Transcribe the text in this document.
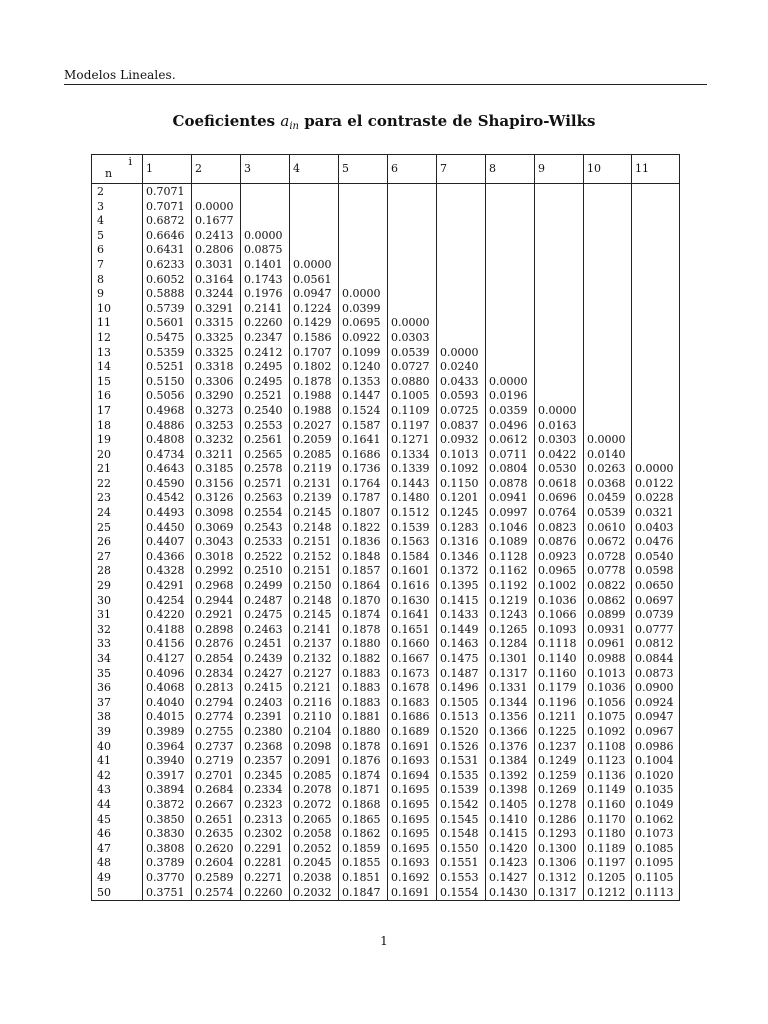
Modelos Lineales.
Coeficientes $a_{in}$ para el contraste de Shapiro-Wilks
i
n	1	2	3	4	5	6	7	8	9	10	11
2	0.7071										
3	0.7071	0.0000									
4	0.6872	0.1677									
5	0.6646	0.2413	0.0000								
6	0.6431	0.2806	0.0875								
7	0.6233	0.3031	0.1401	0.0000							
8	0.6052	0.3164	0.1743	0.0561							
9	0.5888	0.3244	0.1976	0.0947	0.0000						
10	0.5739	0.3291	0.2141	0.1224	0.0399						
11	0.5601	0.3315	0.2260	0.1429	0.0695	0.0000					
12	0.5475	0.3325	0.2347	0.1586	0.0922	0.0303					
13	0.5359	0.3325	0.2412	0.1707	0.1099	0.0539	0.0000				
14	0.5251	0.3318	0.2495	0.1802	0.1240	0.0727	0.0240				
15	0.5150	0.3306	0.2495	0.1878	0.1353	0.0880	0.0433	0.0000			
16	0.5056	0.3290	0.2521	0.1988	0.1447	0.1005	0.0593	0.0196			
17	0.4968	0.3273	0.2540	0.1988	0.1524	0.1109	0.0725	0.0359	0.0000		
18	0.4886	0.3253	0.2553	0.2027	0.1587	0.1197	0.0837	0.0496	0.0163		
19	0.4808	0.3232	0.2561	0.2059	0.1641	0.1271	0.0932	0.0612	0.0303	0.0000	
20	0.4734	0.3211	0.2565	0.2085	0.1686	0.1334	0.1013	0.0711	0.0422	0.0140	
21	0.4643	0.3185	0.2578	0.2119	0.1736	0.1339	0.1092	0.0804	0.0530	0.0263	0.0000
22	0.4590	0.3156	0.2571	0.2131	0.1764	0.1443	0.1150	0.0878	0.0618	0.0368	0.0122
23	0.4542	0.3126	0.2563	0.2139	0.1787	0.1480	0.1201	0.0941	0.0696	0.0459	0.0228
24	0.4493	0.3098	0.2554	0.2145	0.1807	0.1512	0.1245	0.0997	0.0764	0.0539	0.0321
25	0.4450	0.3069	0.2543	0.2148	0.1822	0.1539	0.1283	0.1046	0.0823	0.0610	0.0403
26	0.4407	0.3043	0.2533	0.2151	0.1836	0.1563	0.1316	0.1089	0.0876	0.0672	0.0476
27	0.4366	0.3018	0.2522	0.2152	0.1848	0.1584	0.1346	0.1128	0.0923	0.0728	0.0540
28	0.4328	0.2992	0.2510	0.2151	0.1857	0.1601	0.1372	0.1162	0.0965	0.0778	0.0598
29	0.4291	0.2968	0.2499	0.2150	0.1864	0.1616	0.1395	0.1192	0.1002	0.0822	0.0650
30	0.4254	0.2944	0.2487	0.2148	0.1870	0.1630	0.1415	0.1219	0.1036	0.0862	0.0697
31	0.4220	0.2921	0.2475	0.2145	0.1874	0.1641	0.1433	0.1243	0.1066	0.0899	0.0739
32	0.4188	0.2898	0.2463	0.2141	0.1878	0.1651	0.1449	0.1265	0.1093	0.0931	0.0777
33	0.4156	0.2876	0.2451	0.2137	0.1880	0.1660	0.1463	0.1284	0.1118	0.0961	0.0812
34	0.4127	0.2854	0.2439	0.2132	0.1882	0.1667	0.1475	0.1301	0.1140	0.0988	0.0844
35	0.4096	0.2834	0.2427	0.2127	0.1883	0.1673	0.1487	0.1317	0.1160	0.1013	0.0873
36	0.4068	0.2813	0.2415	0.2121	0.1883	0.1678	0.1496	0.1331	0.1179	0.1036	0.0900
37	0.4040	0.2794	0.2403	0.2116	0.1883	0.1683	0.1505	0.1344	0.1196	0.1056	0.0924
38	0.4015	0.2774	0.2391	0.2110	0.1881	0.1686	0.1513	0.1356	0.1211	0.1075	0.0947
39	0.3989	0.2755	0.2380	0.2104	0.1880	0.1689	0.1520	0.1366	0.1225	0.1092	0.0967
40	0.3964	0.2737	0.2368	0.2098	0.1878	0.1691	0.1526	0.1376	0.1237	0.1108	0.0986
41	0.3940	0.2719	0.2357	0.2091	0.1876	0.1693	0.1531	0.1384	0.1249	0.1123	0.1004
42	0.3917	0.2701	0.2345	0.2085	0.1874	0.1694	0.1535	0.1392	0.1259	0.1136	0.1020
43	0.3894	0.2684	0.2334	0.2078	0.1871	0.1695	0.1539	0.1398	0.1269	0.1149	0.1035
44	0.3872	0.2667	0.2323	0.2072	0.1868	0.1695	0.1542	0.1405	0.1278	0.1160	0.1049
45	0.3850	0.2651	0.2313	0.2065	0.1865	0.1695	0.1545	0.1410	0.1286	0.1170	0.1062
46	0.3830	0.2635	0.2302	0.2058	0.1862	0.1695	0.1548	0.1415	0.1293	0.1180	0.1073
47	0.3808	0.2620	0.2291	0.2052	0.1859	0.1695	0.1550	0.1420	0.1300	0.1189	0.1085
48	0.3789	0.2604	0.2281	0.2045	0.1855	0.1693	0.1551	0.1423	0.1306	0.1197	0.1095
49	0.3770	0.2589	0.2271	0.2038	0.1851	0.1692	0.1553	0.1427	0.1312	0.1205	0.1105
50	0.3751	0.2574	0.2260	0.2032	0.1847	0.1691	0.1554	0.1430	0.1317	0.1212	0.1113
1
